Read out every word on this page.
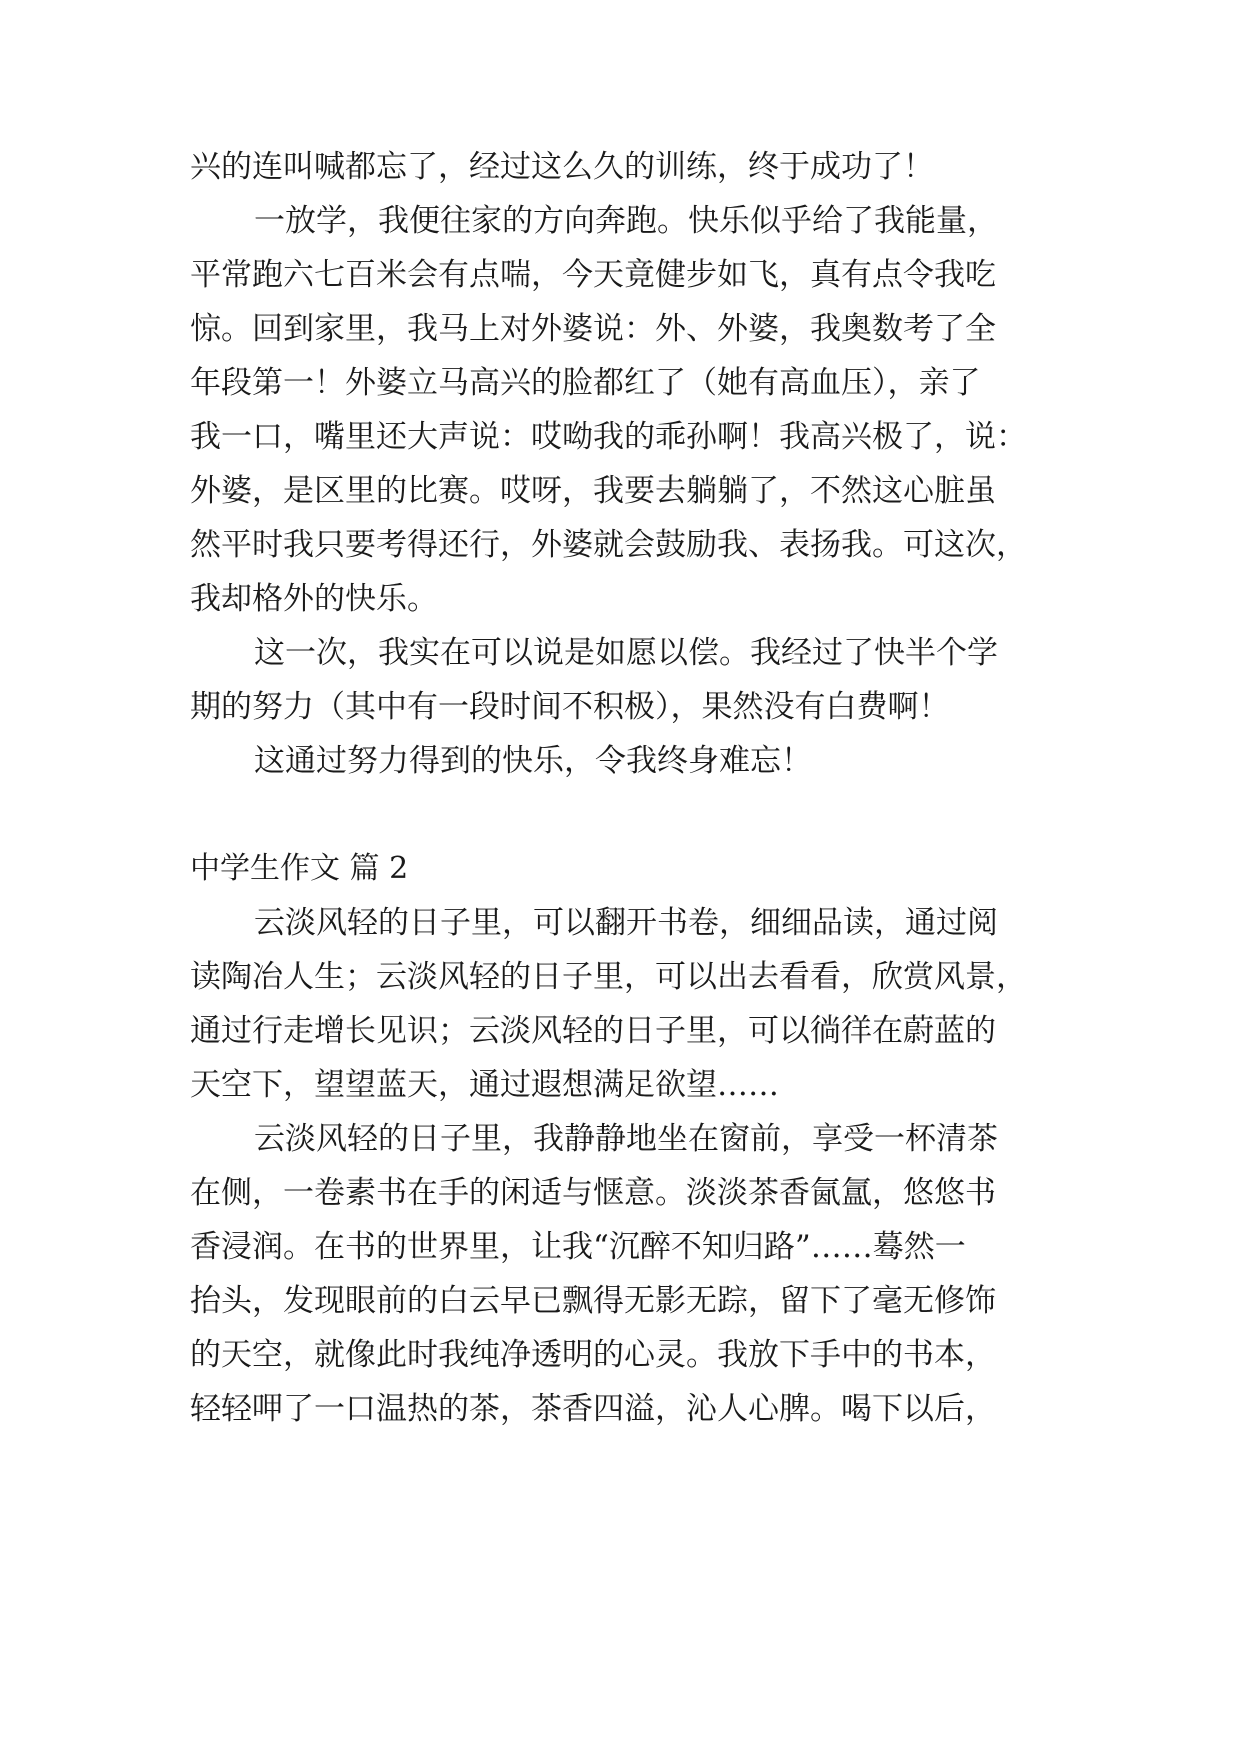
兴的连叫喊都忘了，经过这么久的训练，终于成功了！

一放学，我便往家的方向奔跑。快乐似乎给了我能量，

平常跑六七百米会有点喘，今天竟健步如飞，真有点令我吃

惊。回到家里，我马上对外婆说：外、外婆，我奥数考了全

年段第一！外婆立马高兴的脸都红了（她有高血压），亲了

我一口，嘴里还大声说：哎呦我的乖孙啊！我高兴极了，说：

外婆，是区里的比赛。哎呀，我要去躺躺了，不然这心脏虽

然平时我只要考得还行，外婆就会鼓励我、表扬我。可这次，

我却格外的快乐。

这一次，我实在可以说是如愿以偿。我经过了快半个学

期的努力（其中有一段时间不积极），果然没有白费啊！

这通过努力得到的快乐，令我终身难忘！

中学生作文 篇 2

云淡风轻的日子里，可以翻开书卷，细细品读，通过阅

读陶冶人生；云淡风轻的日子里，可以出去看看，欣赏风景，

通过行走增长见识；云淡风轻的日子里，可以徜徉在蔚蓝的

天空下，望望蓝天，通过遐想满足欲望……

云淡风轻的日子里，我静静地坐在窗前，享受一杯清茶

在侧，一卷素书在手的闲适与惬意。淡淡茶香氤氲，悠悠书

香浸润。在书的世界里，让我“沉醉不知归路”……蓦然一

抬头，发现眼前的白云早已飘得无影无踪，留下了毫无修饰

的天空，就像此时我纯净透明的心灵。我放下手中的书本，

轻轻呷了一口温热的茶，茶香四溢，沁人心脾。喝下以后，
